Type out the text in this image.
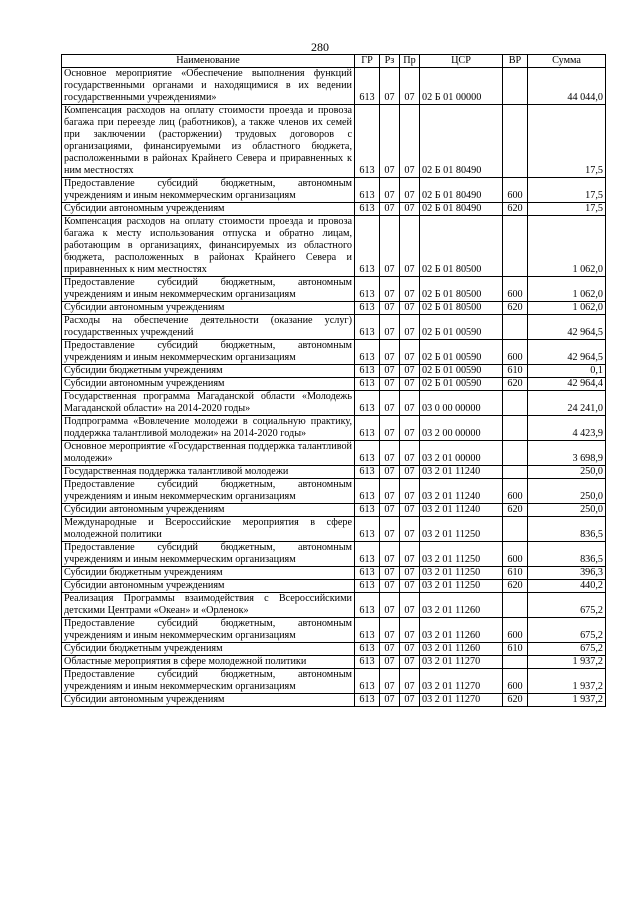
280
Наименование	ГР	Рз	Пр	ЦСР	ВР	Сумма
Основное мероприятие «Обеспечение выполнения функций государственными органами и находящимися в их ведении государственными учреждениями»	613	07	07	02 Б 01 00000		44 044,0
Компенсация расходов на оплату стоимости проезда и провоза багажа при переезде лиц (работников), а также членов их семей при заключении (расторжении) трудовых договоров с организациями, финансируемыми из областного бюджета, расположенными в районах Крайнего Севера и приравненных к ним местностях	613	07	07	02 Б 01 80490		17,5
Предоставление субсидий бюджетным, автономным учреждениям и иным некоммерческим организациям	613	07	07	02 Б 01 80490	600	17,5
Субсидии автономным учреждениям	613	07	07	02 Б 01 80490	620	17,5
Компенсация расходов на оплату стоимости проезда и провоза багажа к месту использования отпуска и обратно лицам, работающим в организациях, финансируемых из областного бюджета, расположенных в районах Крайнего Севера и приравненных к ним местностях	613	07	07	02 Б 01 80500		1 062,0
Предоставление субсидий бюджетным, автономным учреждениям и иным некоммерческим организациям	613	07	07	02 Б 01 80500	600	1 062,0
Субсидии автономным учреждениям	613	07	07	02 Б 01 80500	620	1 062,0
Расходы на обеспечение деятельности (оказание услуг) государственных учреждений	613	07	07	02 Б 01 00590		42 964,5
Предоставление субсидий бюджетным, автономным учреждениям и иным некоммерческим организациям	613	07	07	02 Б 01 00590	600	42 964,5
Субсидии бюджетным учреждениям	613	07	07	02 Б 01 00590	610	0,1
Субсидии автономным учреждениям	613	07	07	02 Б 01 00590	620	42 964,4
Государственная программа Магаданской области «Молодежь Магаданской области» на 2014-2020 годы»	613	07	07	03 0 00 00000		24 241,0
Подпрограмма «Вовлечение молодежи в социальную практику, поддержка талантливой молодежи» на 2014-2020 годы»	613	07	07	03 2 00 00000		4 423,9
Основное мероприятие «Государственная поддержка талантливой молодежи»	613	07	07	03 2 01 00000		3 698,9
Государственная поддержка талантливой молодежи	613	07	07	03 2 01 11240		250,0
Предоставление субсидий бюджетным, автономным учреждениям и иным некоммерческим организациям	613	07	07	03 2 01 11240	600	250,0
Субсидии автономным учреждениям	613	07	07	03 2 01 11240	620	250,0
Международные и Всероссийские мероприятия в сфере молодежной политики	613	07	07	03 2 01 11250		836,5
Предоставление субсидий бюджетным, автономным учреждениям и иным некоммерческим организациям	613	07	07	03 2 01 11250	600	836,5
Субсидии бюджетным учреждениям	613	07	07	03 2 01 11250	610	396,3
Субсидии автономным учреждениям	613	07	07	03 2 01 11250	620	440,2
Реализация Программы взаимодействия с Всероссийскими детскими Центрами «Океан» и «Орленок»	613	07	07	03 2 01 11260		675,2
Предоставление субсидий бюджетным, автономным учреждениям и иным некоммерческим организациям	613	07	07	03 2 01 11260	600	675,2
Субсидии бюджетным учреждениям	613	07	07	03 2 01 11260	610	675,2
Областные мероприятия в сфере молодежной политики	613	07	07	03 2 01 11270		1 937,2
Предоставление субсидий бюджетным, автономным учреждениям и иным некоммерческим организациям	613	07	07	03 2 01 11270	600	1 937,2
Субсидии автономным учреждениям	613	07	07	03 2 01 11270	620	1 937,2
